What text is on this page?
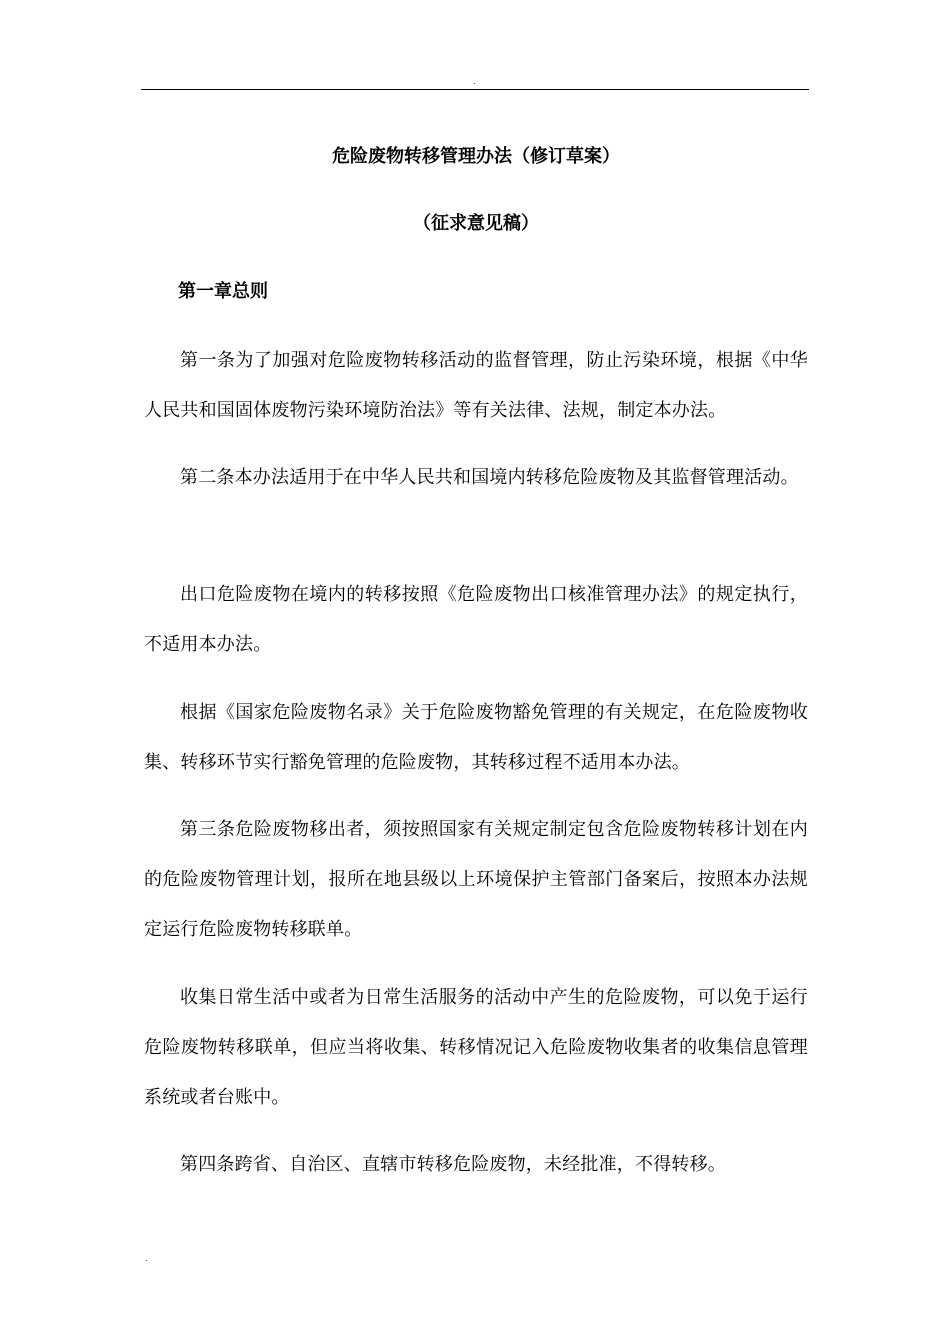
.
危险废物转移管理办法（修订草案）
（征求意见稿）
第一章总则

第一条为了加强对危险废物转移活动的监督管理，防止污染环境，根据《中华人民共和国固体废物污染环境防治法》等有关法律、法规，制定本办法。

第二条本办法适用于在中华人民共和国境内转移危险废物及其监督管理活动。

出口危险废物在境内的转移按照《危险废物出口核准管理办法》的规定执行，不适用本办法。

根据《国家危险废物名录》关于危险废物豁免管理的有关规定，在危险废物收集、转移环节实行豁免管理的危险废物，其转移过程不适用本办法。

第三条危险废物移出者，须按照国家有关规定制定包含危险废物转移计划在内的危险废物管理计划，报所在地县级以上环境保护主管部门备案后，按照本办法规定运行危险废物转移联单。

收集日常生活中或者为日常生活服务的活动中产生的危险废物，可以免于运行危险废物转移联单，但应当将收集、转移情况记入危险废物收集者的收集信息管理系统或者台账中。

第四条跨省、自治区、直辖市转移危险废物，未经批准，不得转移。

.
